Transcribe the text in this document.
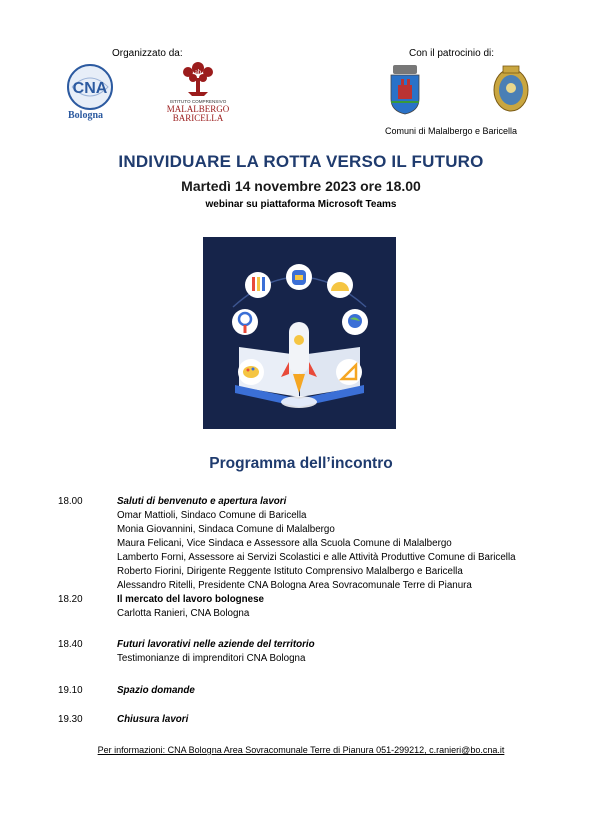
Organizzato da:	Con il patrocinio di:
CNA
Bologna
ab
ISTITUTO COMPRENSIVO
MALALBERGO
BARICELLA
Comuni di Malalbergo e Baricella
INDIVIDUARE LA ROTTA VERSO IL FUTURO
Martedì 14 novembre 2023 ore 18.00
webinar su piattaforma Microsoft Teams
Programma dell’incontro
18.00	Saluti di benvenuto e apertura lavori
Omar Mattioli, Sindaco Comune di Baricella
Monia Giovannini, Sindaca Comune di Malalbergo
Maura Felicani, Vice Sindaca e Assessore alla Scuola Comune di Malalbergo
Lamberto Forni, Assessore ai Servizi Scolastici e alle Attività Produttive Comune di Baricella
Roberto Fiorini, Dirigente Reggente Istituto Comprensivo Malalbergo e Baricella
Alessandro Ritelli, Presidente CNA Bologna Area Sovracomunale Terre di Pianura
18.20	Il mercato del lavoro bolognese
Carlotta Ranieri, CNA Bologna
18.40	Futuri lavorativi nelle aziende del territorio
Testimonianze di imprenditori CNA Bologna
19.10	Spazio domande
19.30	Chiusura lavori
Per informazioni: CNA Bologna Area Sovracomunale Terre di Pianura 051-299212, c.ranieri@bo.cna.it
